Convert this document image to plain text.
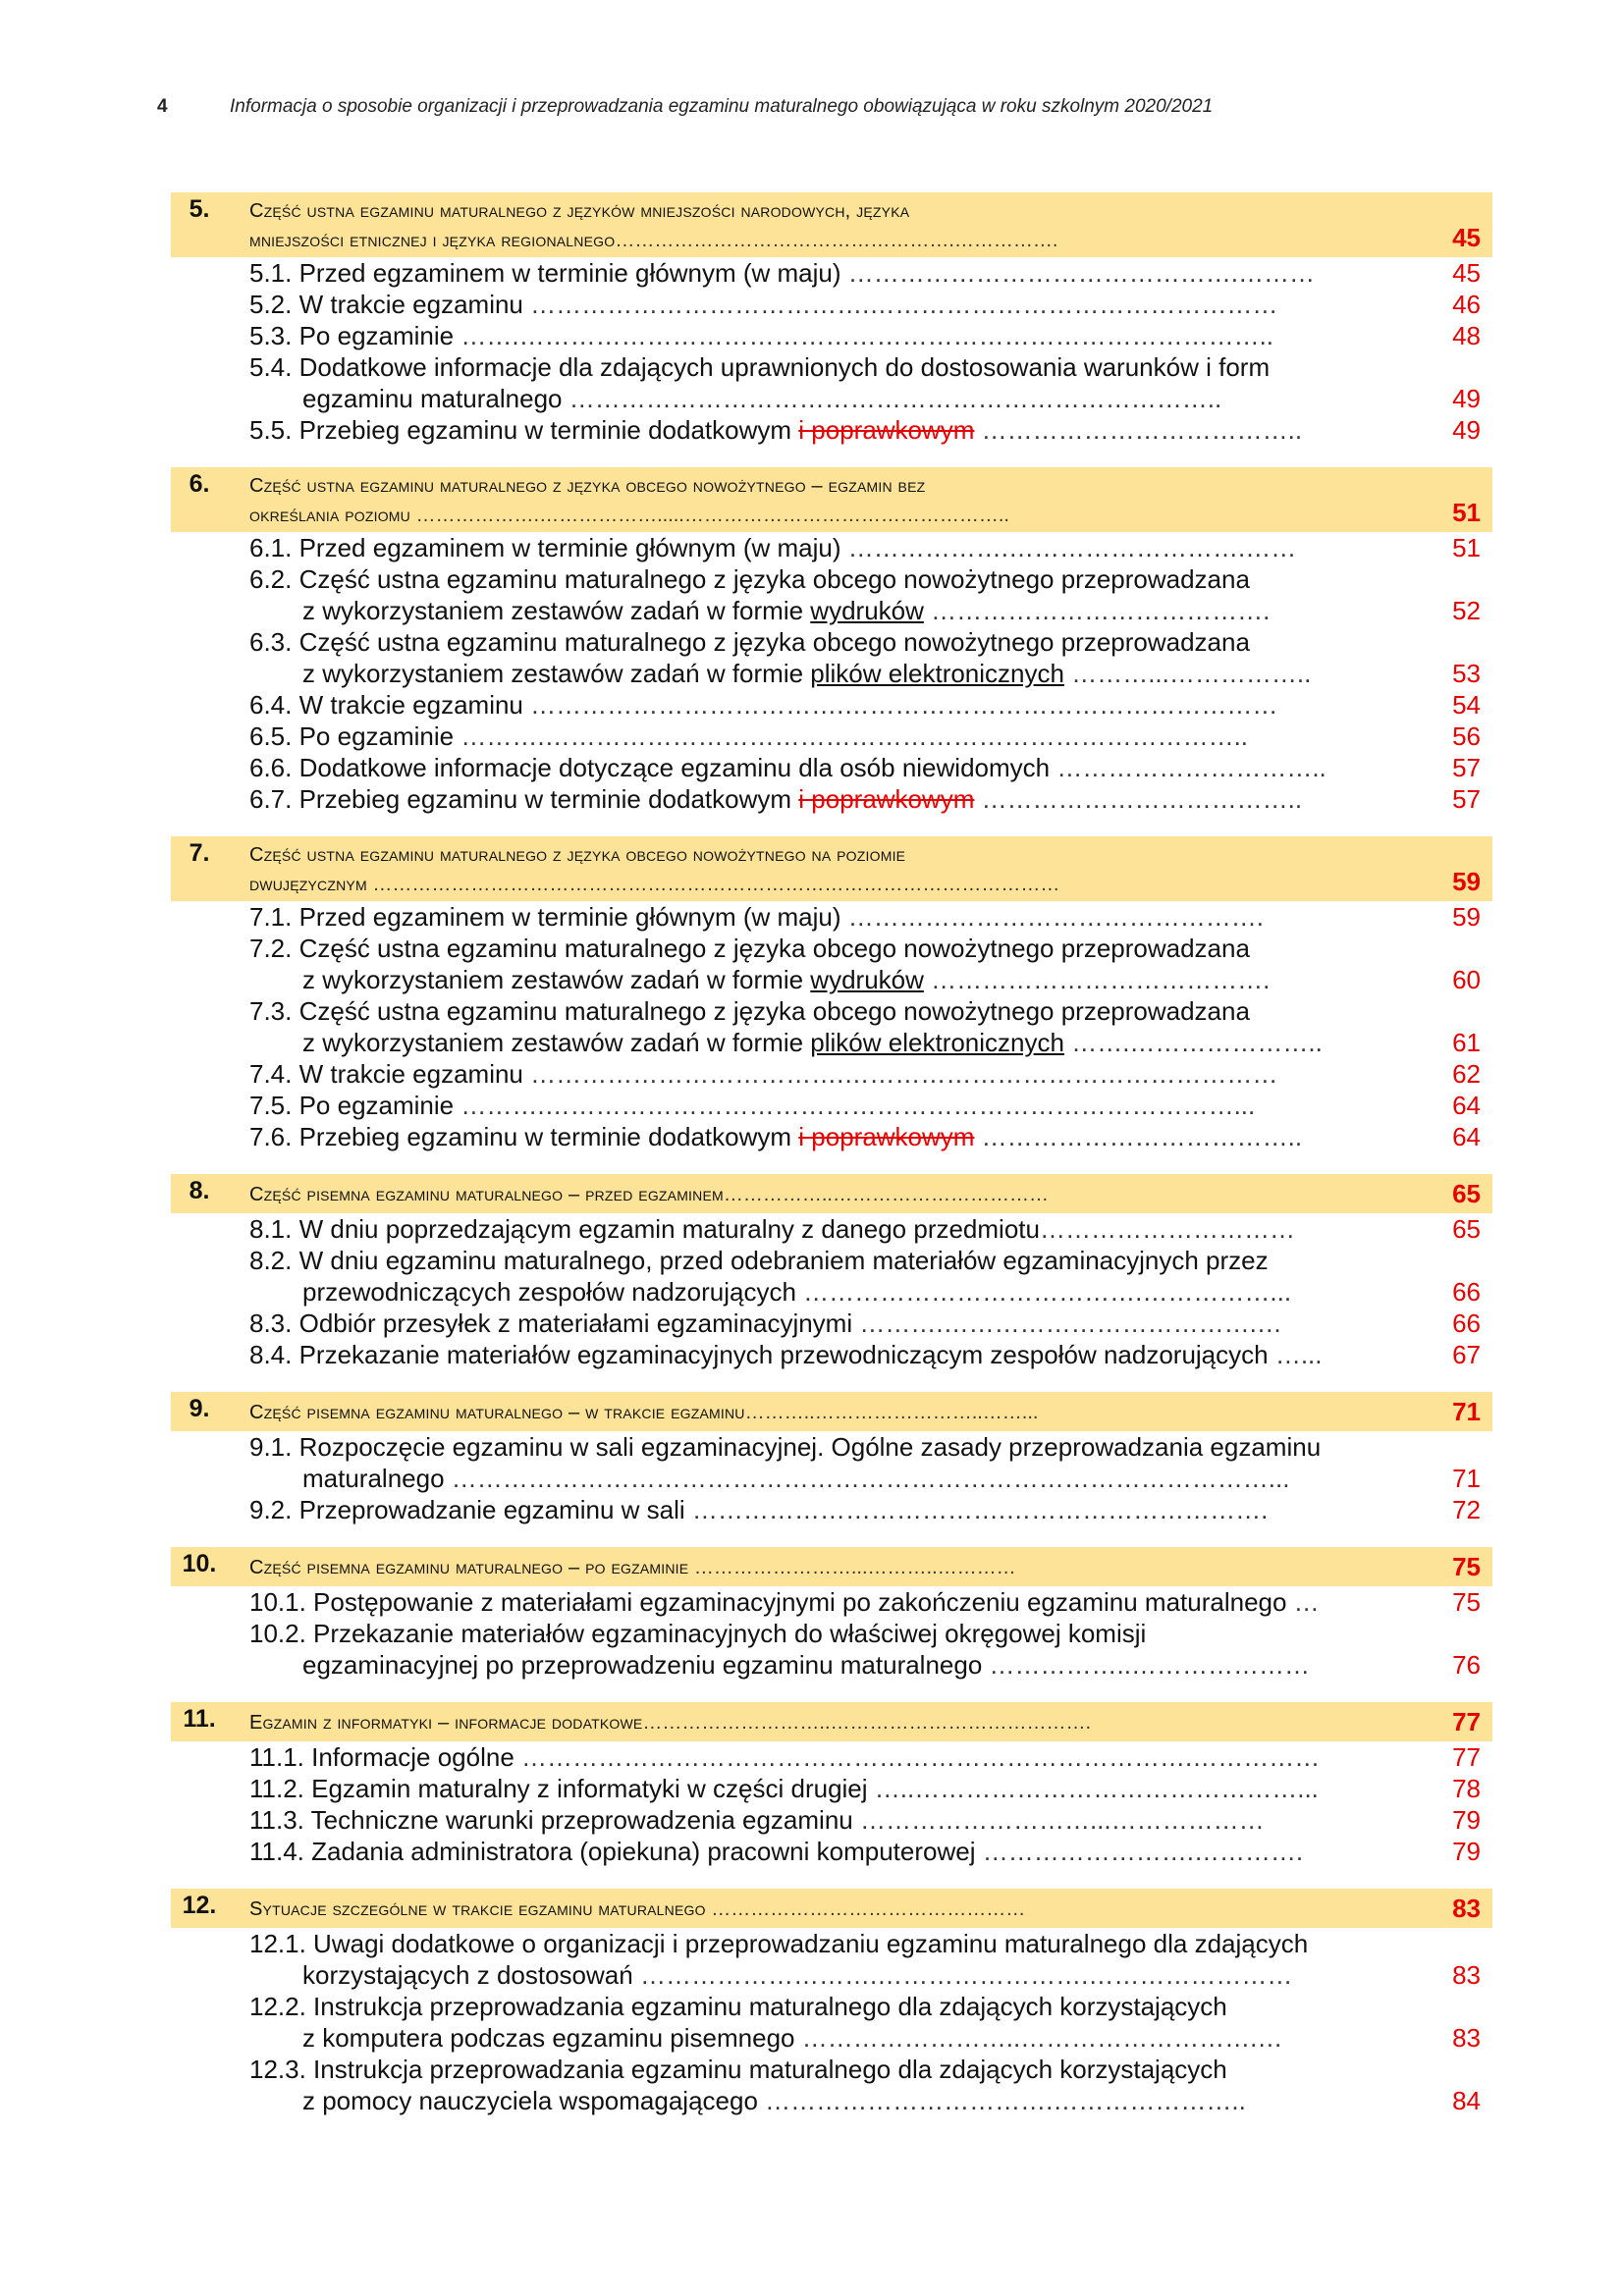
4	Informacja o sposobie organizacji i przeprowadzania egzaminu maturalnego obowiązująca w roku szkolnym 2020/2021
5.	Część ustna egzaminu maturalnego z języków mniejszości narodowych, języka
mniejszości etnicznej i języka regionalnego…………………………………………….…………….	45
5.1. Przed egzaminem w terminie głównym (w maju) ……………………………………….………	45
5.2. W trakcie egzaminu ………………………………….…………………………………………	46
5.3. Po egzaminie …….……………………………………………………………………………..	48
5.4. Dodatkowe informacje dla zdających uprawnionych do dostosowania warunków i form
egzaminu maturalnego …………………………………………………………………..	49
5.5. Przebieg egzaminu w terminie dodatkowym i poprawkowym ………………………………..	49
6.	Część ustna egzaminu maturalnego z języka obcego nowożytnego – egzamin bez
określania poziomu ……………….……………….....…………………………………………..	51
6.1. Przed egzaminem w terminie głównym (w maju) ……………….……………………….……	51
6.2. Część ustna egzaminu maturalnego z języka obcego nowożytnego przeprowadzana
z wykorzystaniem zestawów zadań w formie wydruków ………………………………….	52
6.3. Część ustna egzaminu maturalnego z języka obcego nowożytnego przeprowadzana
z wykorzystaniem zestawów zadań w formie plików elektronicznych ………...……………..	53
6.4. W trakcie egzaminu ……………………………….……………………………………………	54
6.5. Po egzaminie ……….………………………………………………………………………..	56
6.6. Dodatkowe informacje dotyczące egzaminu dla osób niewidomych …………………………..	57
6.7. Przebieg egzaminu w terminie dodatkowym i poprawkowym ………………………………..	57
7.	Część ustna egzaminu maturalnego z języka obcego nowożytnego na poziomie
dwujęzycznym ……………………………………………………………………………………………	59
7.1. Przed egzaminem w terminie głównym (w maju) ………………………………………….	59
7.2. Część ustna egzaminu maturalnego z języka obcego nowożytnego przeprowadzana
z wykorzystaniem zestawów zadań w formie wydruków ………………………………….	60
7.3. Część ustna egzaminu maturalnego z języka obcego nowożytnego przeprowadzana
z wykorzystaniem zestawów zadań w formie plików elektronicznych …….…………………..	61
7.4. W trakcie egzaminu ……………………………….……………………………………………	62
7.5. Po egzaminie ……….………………………………………………………………………...	64
7.6. Przebieg egzaminu w terminie dodatkowym i poprawkowym ………………………………..	64
8.	Część pisemna egzaminu maturalnego – przed egzaminem……………..……………………………	65
8.1. W dniu poprzedzającym egzamin maturalny z danego przedmiotu…………………………	65
8.2. W dniu egzaminu maturalnego, przed odebraniem materiałów egzaminacyjnych przez
przewodniczących zespołów nadzorujących ………………………………….……………...	66
8.3. Odbiór przesyłek z materiałami egzaminacyjnymi ……….……………………………….…	66
8.4. Przekazanie materiałów egzaminacyjnych przewodniczącym zespołów nadzorujących …...	67
9.	Część pisemna egzaminu maturalnego – w trakcie egzaminu………..……………………..……...	71
9.1. Rozpoczęcie egzaminu w sali egzaminacyjnej. Ogólne zasady przeprowadzania egzaminu
maturalnego ……………………………………………………………………………………...	71
9.2. Przeprowadzanie egzaminu w sali ……………………………….………………………….	72
10.	Część pisemna egzaminu maturalnego – po egzaminie ……………………...………..…………	75
10.1. Postępowanie z materiałami egzaminacyjnymi po zakończeniu egzaminu maturalnego …	75
10.2. Przekazanie materiałów egzaminacyjnych do właściwej okręgowej komisji
egzaminacyjnej po przeprowadzeniu egzaminu maturalnego ……………..…………………	76
11.	Egzamin z informatyki – informacje dodatkowe………………………..………………………………….	77
11.1. Informacje ogólne …………………………………………………………………….……………	77
11.2. Egzamin maturalny z informatyki w części drugiej …..………………………………………...	78
11.3. Techniczne warunki przeprowadzenia egzaminu ………………………...………………	79
11.4. Zadania administratora (opiekuna) pracowni komputerowej …………………….………….	79
12.	Sytuacje szczególne w trakcie egzaminu maturalnego …………………………………………	83
12.1. Uwagi dodatkowe o organizacji i przeprowadzaniu egzaminu maturalnego dla zdających
korzystających z dostosowań ……………………….…………………….……………………	83
12.2. Instrukcja przeprowadzania egzaminu maturalnego dla zdających korzystających
z komputera podczas egzaminu pisemnego ……………………..……………………….…	83
12.3. Instrukcja przeprowadzania egzaminu maturalnego dla zdających korzystających
z pomocy nauczyciela wspomagającego …………………………….…………………..	84
